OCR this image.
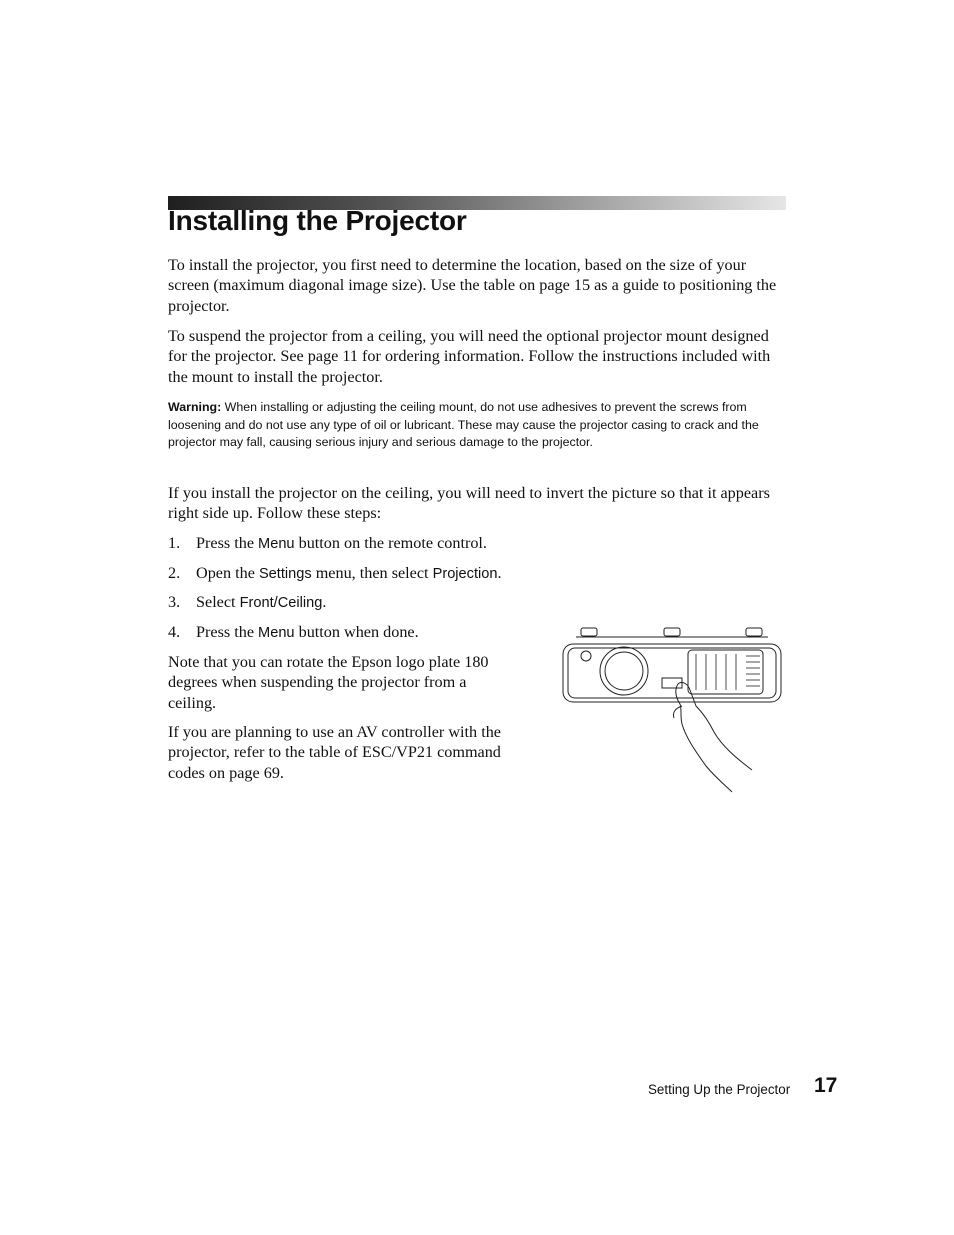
Installing the Projector

To install the projector, you first need to determine the location, based on the size of your screen (maximum diagonal image size). Use the table on page 15 as a guide to positioning the projector.

To suspend the projector from a ceiling, you will need the optional projector mount designed for the projector. See page 11 for ordering information. Follow the instructions included with the mount to install the projector.

Warning: When installing or adjusting the ceiling mount, do not use adhesives to prevent the screws from loosening and do not use any type of oil or lubricant. These may cause the projector casing to crack and the projector may fall, causing serious injury and serious damage to the projector.

If you install the projector on the ceiling, you will need to invert the picture so that it appears right side up. Follow these steps:

1. Press the Menu button on the remote control.

2. Open the Settings menu, then select Projection.

3. Select Front/Ceiling.

4. Press the Menu button when done.

Note that you can rotate the Epson logo plate 180 degrees when suspending the projector from a ceiling.

If you are planning to use an AV controller with the projector, refer to the table of ESC/VP21 command codes on page 69.

Setting Up the Projector 17
